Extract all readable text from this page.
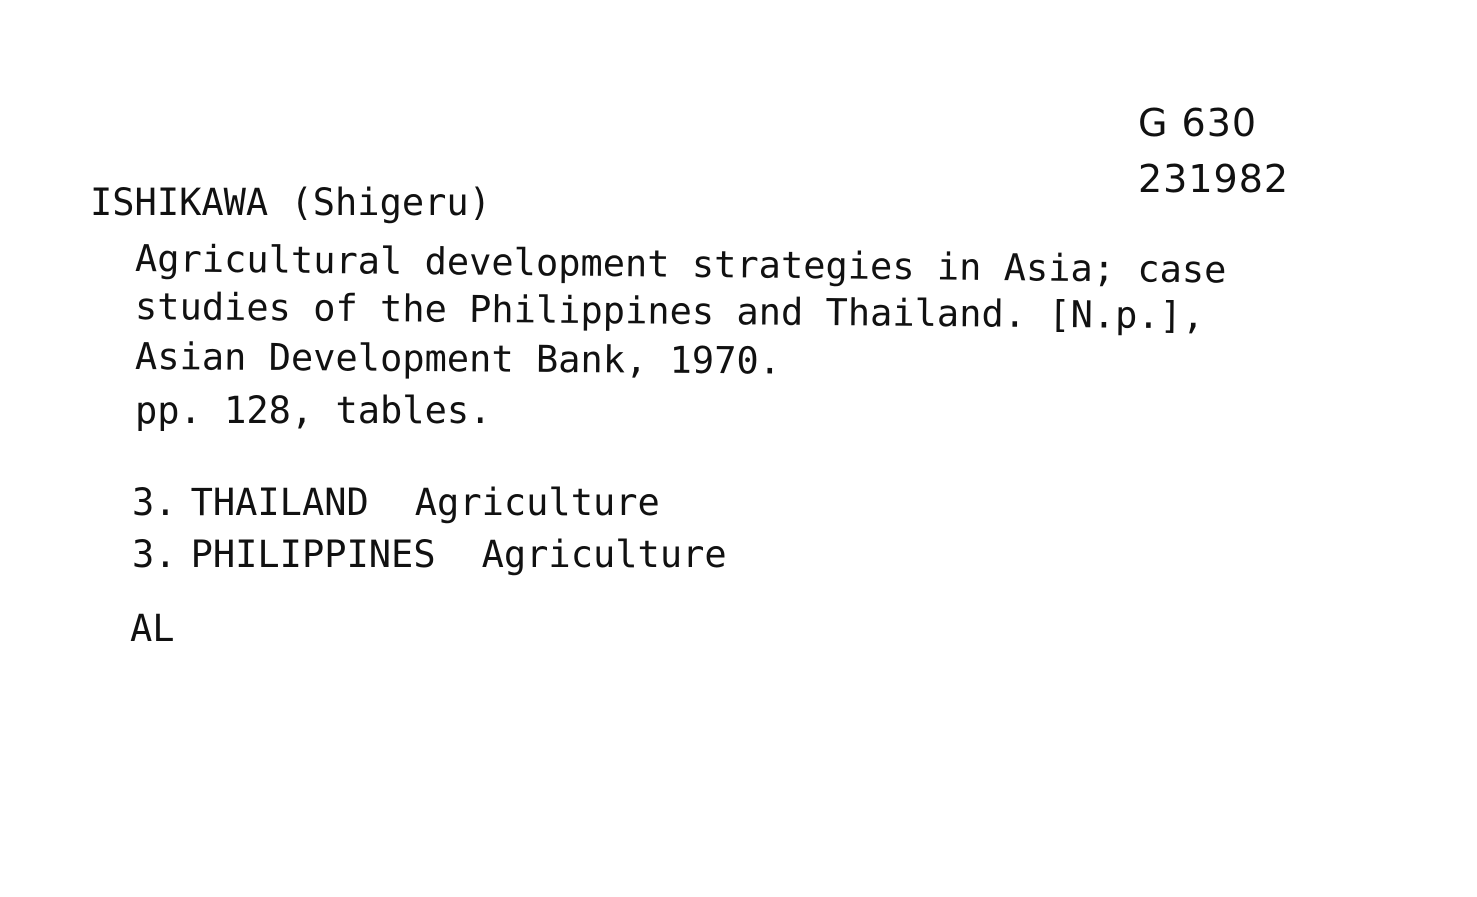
G 630
231982
ISHIKAWA (Shigeru)
Agricultural development strategies in Asia; case
studies of the Philippines and Thailand. [N.p.],
Asian Development Bank, 1970.
pp. 128, tables.
3. THAILAND Agriculture
3. PHILIPPINES Agriculture
AL
